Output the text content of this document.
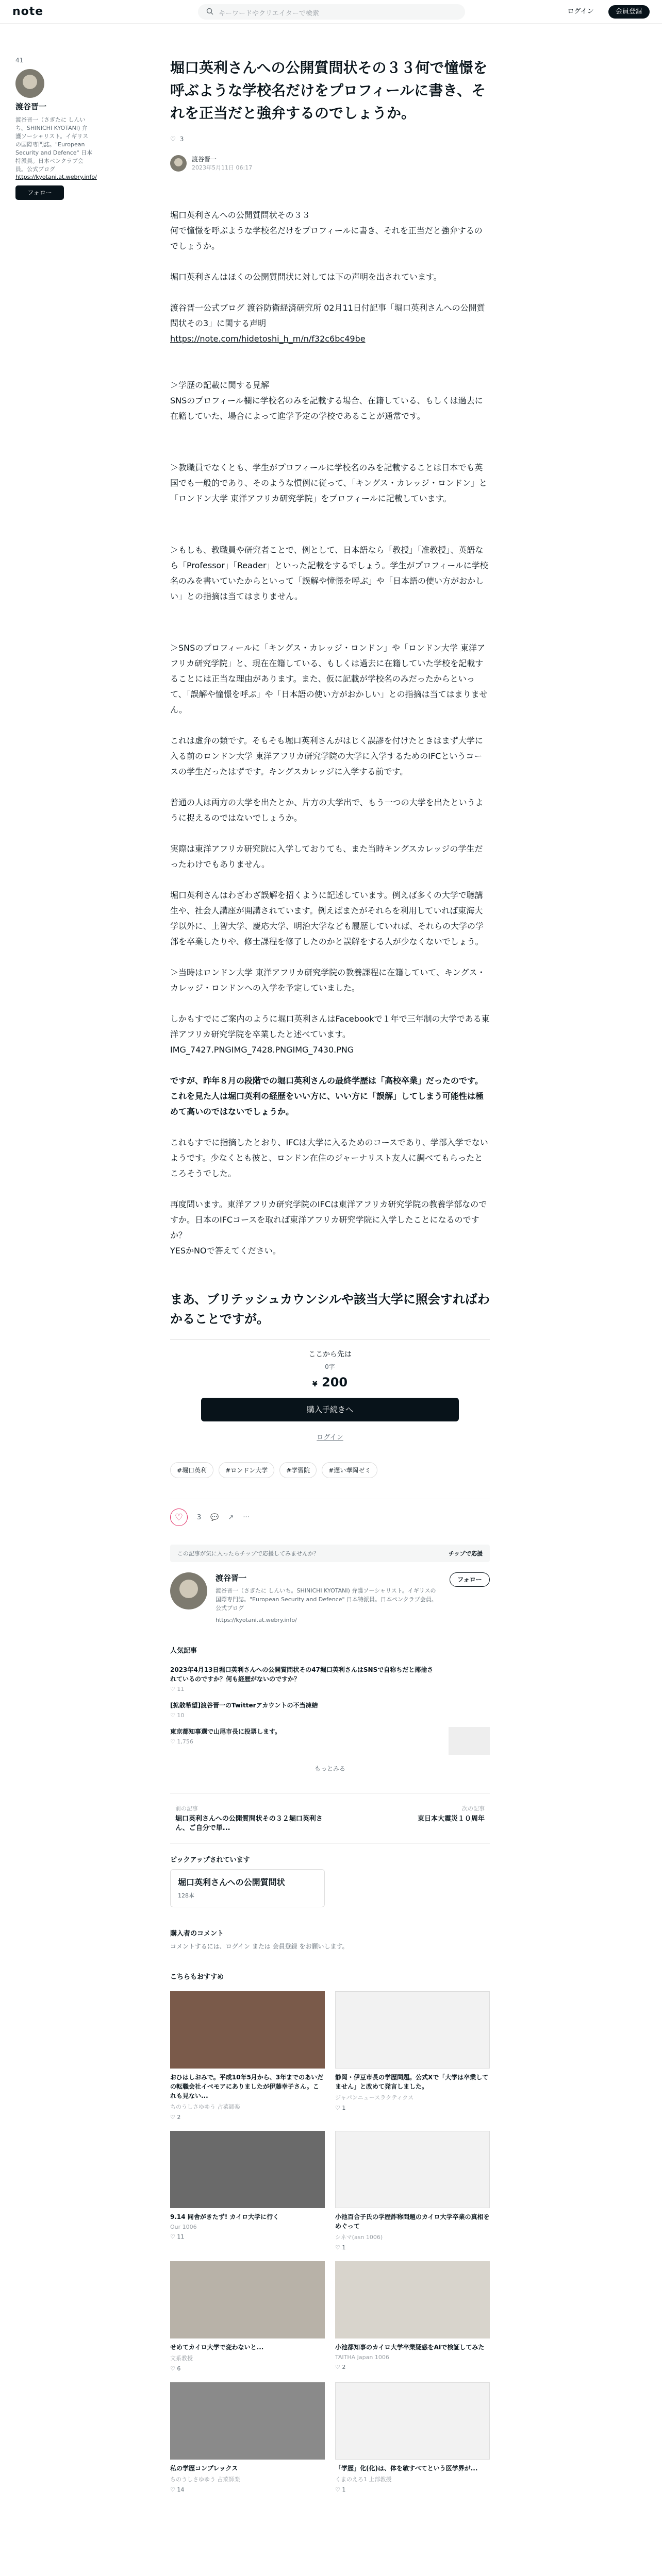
note	キーワードやクリエイターで検索	ログイン	会員登録
41
渡谷晋一
渡谷晋一（さぎたに しんいち。SHINICHI KYOTANI) 弁護ソーシャリスト。イギリスの国際専門誌。"European Security and Defence" 日本特派員。日本ペンクラブ会員。公式ブログ
https://kyotani.at.webry.info/
フォロー
堀口英利さんへの公開質問状その３３何で憧憬を呼ぶような学校名だけをプロフィールに書き、それを正当だと強弁するのでしょうか。
♡ 3
渡谷晋一
2023年5月11日 06:17

堀口英利さんへの公開質問状その３３
何で憧憬を呼ぶような学校名だけをプロフィールに書き、それを正当だと強弁するのでしょうか。

堀口英利さんはほくの公開質問状に対しては下の声明を出されています。

渡谷晋一公式ブログ 渡谷防衛経済研究所 02月11日付記事「堀口英利さんへの公開質問状その3」に関する声明

https://note.com/hidetoshi_h_m/n/f32c6bc49be

＞学歴の記載に関する見解
SNSのプロフィール欄に学校名のみを記載する場合、在籍している、もしくは過去に在籍していた、場合によって進学予定の学校であることが通常です。

＞教職員でなくとも、学生がプロフィールに学校名のみを記載することは日本でも英国でも一般的であり、そのような慣例に従って、「キングス・カレッジ・ロンドン」と「ロンドン大学 東洋アフリカ研究学院」をプロフィールに記載しています。

＞もしも、教職員や研究者ことで、例として、日本語なら「教授」「准教授」、英語なら「Professor」「Reader」といった記載をするでしょう。学生がプロフィールに学校名のみを書いていたからといって「誤解や憧憬を呼ぶ」や「日本語の使い方がおかしい」との指摘は当てはまりません。

＞SNSのプロフィールに「キングス・カレッジ・ロンドン」や「ロンドン大学 東洋アフリカ研究学院」と、現在在籍している、もしくは過去に在籍していた学校を記載することには正当な理由があります。また、仮に記載が学校名のみだったからといって、「誤解や憧憬を呼ぶ」や「日本語の使い方がおかしい」との指摘は当てはまりません。

これは虚弁の類です。そもそも堀口英利さんがはじく誤謬を付けたときはまず大学に入る前のロンドン大学 東洋アフリカ研究学院の大学に入学するためのIFCというコースの学生だったはずです。キングスカレッジに入学する前です。

普通の人は両方の大学を出たとか、片方の大学出で、もう一つの大学を出たというように捉えるのではないでしょうか。

実際は東洋アフリカ研究院に入学しておりても、また当時キングスカレッジの学生だったわけでもありません。

堀口英利さんはわざわざ誤解を招くように記述しています。例えば多くの大学で聴講生や、社会人講座が開講されています。例えばまたがそれらを利用していれば東海大学以外に、上智大学、慶応大学、明治大学なども履歴していれば、それらの大学の学部を卒業したりや、修士課程を修了したのかと誤解をする人が少なくないでしょう。

＞当時はロンドン大学 東洋アフリカ研究学院の教養課程に在籍していて、キングス・カレッジ・ロンドンへの入学を予定していました。

しかもすでにご案内のように堀口英利さんはFacebookで１年で三年制の大学である東洋アフリカ研究学院を卒業したと述べています。
IMG_7427.PNGIMG_7428.PNGIMG_7430.PNG

ですが、昨年８月の段階での堀口英利さんの最終学歴は「高校卒業」だったのです。
これを見た人は堀口英利の経歴をいい方に、いい方に「誤解」してしまう可能性は極めて高いのではないでしょうか。

これもすでに指摘したとおり、IFCは大学に入るためのコースであり、学部入学でないようです。少なくとも彼と、ロンドン在住のジャーナリスト友人に調べてもらったところそうでした。

再度問います。東洋アフリカ研究学院のIFCは東洋アフリカ研究学院の教養学部なのですか。日本のIFCコースを取れば東洋アフリカ研究学院に入学したことになるのですか？
YESかNOで答えてください。

まあ、ブリテッシュカウンシルや該当大学に照会すればわかることですが。
ここから先は
0字
¥ 200
購入手続きへ
ログイン
#堀口英利	#ロンドン大学	#学習院	#遅い華岡ゼミ
♡	3 💬 ↗ ···
この記事が気に入ったらチップで応援してみませんか？	チップで応援
渡谷晋一
渡谷晋一（さぎたに しんいち。SHINICHI KYOTANI) 弁護ソーシャリスト。イギリスの国際専門誌。"European Security and Defence" 日本特派員。日本ペンクラブ会員。公式ブログ
https://kyotani.at.webry.info/
フォロー
人気記事
2023年4月13日堀口英利さんへの公開質問状その47堀口英利さんはSNSで自称ちだと揶揄されているのですか？何も経歴がないのですか？
♡ 11
[拡散希望]渡谷晋一のTwitterアカウントの不当凍結
♡ 10
東京都知事選で山尾市長に投票します。
♡ 1,756
もっとみる
前の記事
堀口英利さんへの公開質問状その３２堀口英利さん、ご自分で単...
次の記事
東日本大震災１０周年
ピックアップされています
堀口英利さんへの公開質問状
128本
購入者のコメント
コメントするには、ログイン または 会員登録 をお願いします。
こちらもおすすめ
おひはしおみで。平成10年5月から、3年までのあいだの転職会社イベモアにありましたが伊藤幸子さん。これも見ない...
ちのうしさゆゆう 占菜師楽
♡ 2
静岡・伊豆市長の学歴問題。公式Xで「大学は卒業してません」と改めて発言しました。
ジャパンニュースラクティクス
♡ 1
9.14 同舎がきたず! カイロ大学に行く
Our 1006
♡ 11
小池百合子氏の学歴詐称問題のカイロ大学卒業の真相をめぐって
シネマ(asn 1006)
♡ 1
せめてカイロ大学で変わないと...
文系教授
♡ 6
小池都知事のカイロ大学卒業疑惑をAIで検証してみた
TAITHA Japan 1006
♡ 2
私の学歴コンプレックス
ちのうしさゆゆう 占菜師楽
♡ 14
「学歴」化(化)は、体を敏すべてという医学界が...
くまのえろ1 上部教授
♡ 1
